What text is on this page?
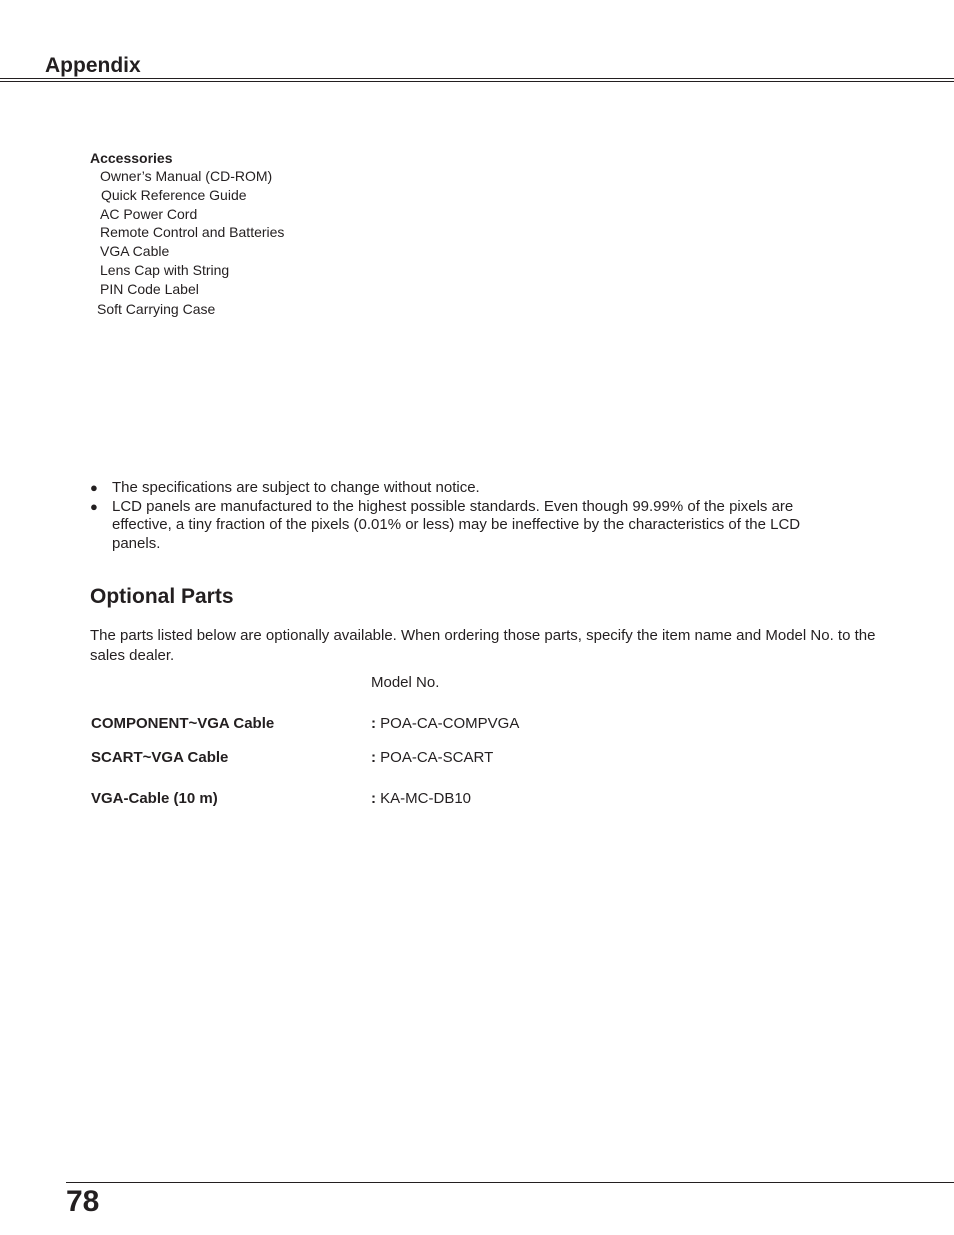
Appendix
Accessories
Owner’s Manual (CD-ROM)
Quick Reference Guide
AC Power Cord
Remote Control and Batteries
VGA Cable
Lens Cap with String
PIN Code Label
Soft Carrying Case
● The specifications are subject to change without notice.
● LCD panels are manufactured to the highest possible standards. Even though 99.99% of the pixels are effective, a tiny fraction of the pixels (0.01% or less) may be ineffective by the characteristics of the LCD panels.
Optional Parts
The parts listed below are optionally available. When ordering those parts, specify the item name and Model No. to the sales dealer.
Model No.
COMPONENT~VGA Cable	: POA-CA-COMPVGA
SCART~VGA Cable	: POA-CA-SCART
VGA-Cable (10 m)	: KA-MC-DB10
78
